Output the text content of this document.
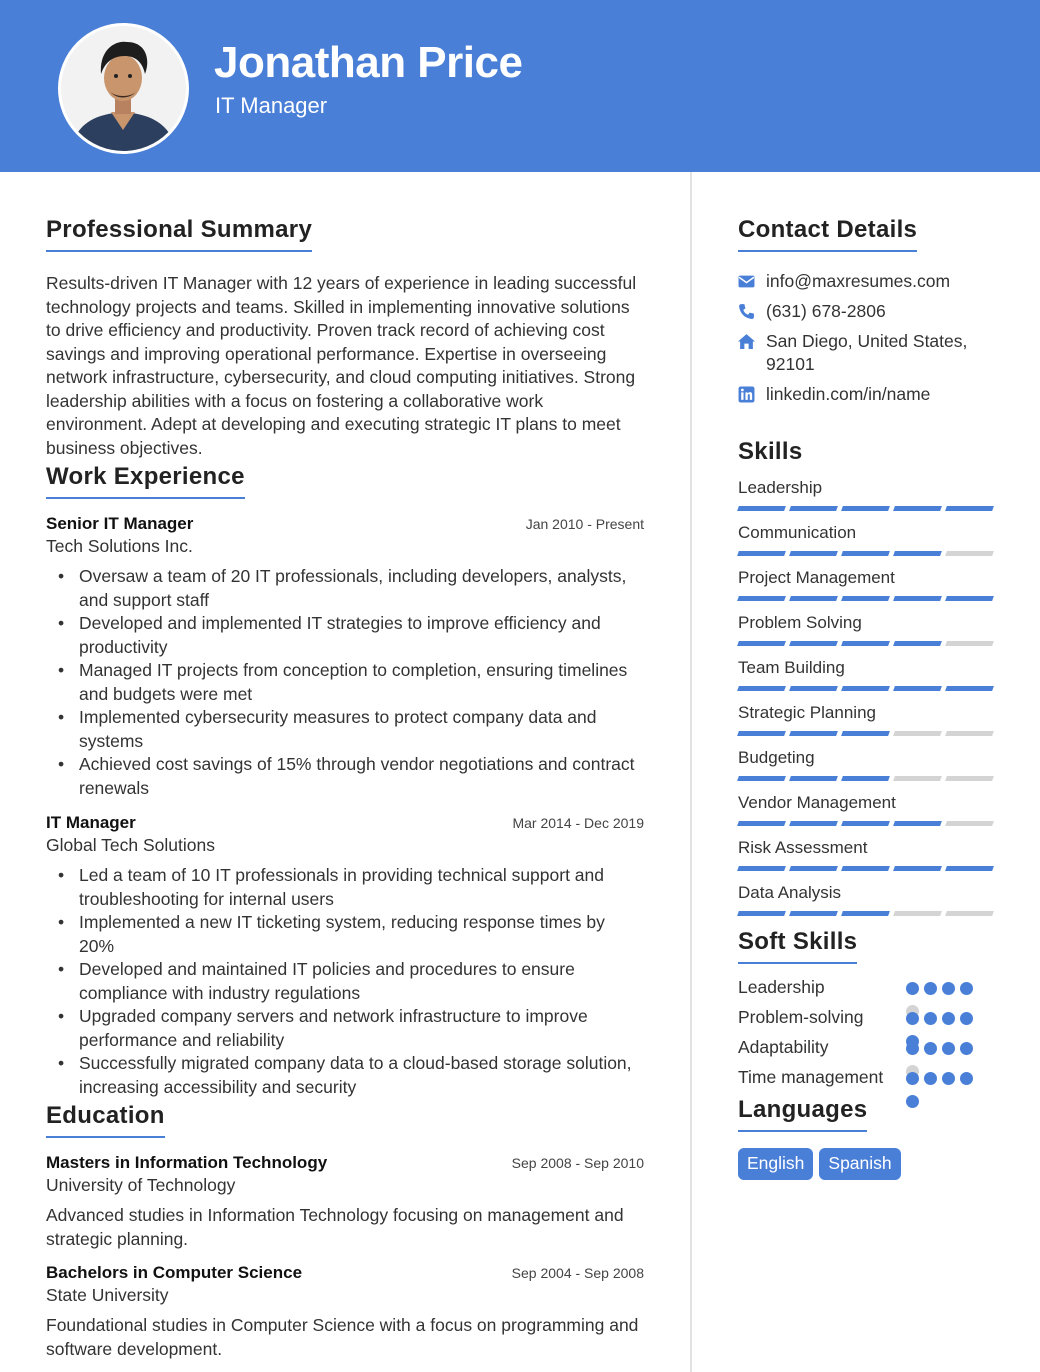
Jonathan Price
IT Manager
Professional Summary

Results-driven IT Manager with 12 years of experience in leading successful technology projects and teams. Skilled in implementing innovative solutions to drive efficiency and productivity. Proven track record of achieving cost savings and improving operational performance. Expertise in overseeing network infrastructure, cybersecurity, and cloud computing initiatives. Strong leadership abilities with a focus on fostering a collaborative work environment. Adept at developing and executing strategic IT plans to meet business objectives.

Work Experience
Senior IT Manager	Jan 2010 - Present
Tech Solutions Inc.
• Oversaw a team of 20 IT professionals, including developers, analysts, and support staff
• Developed and implemented IT strategies to improve efficiency and productivity
• Managed IT projects from conception to completion, ensuring timelines and budgets were met
• Implemented cybersecurity measures to protect company data and systems
• Achieved cost savings of 15% through vendor negotiations and contract renewals
IT Manager	Mar 2014 - Dec 2019
Global Tech Solutions
• Led a team of 10 IT professionals in providing technical support and troubleshooting for internal users
• Implemented a new IT ticketing system, reducing response times by 20%
• Developed and maintained IT policies and procedures to ensure compliance with industry regulations
• Upgraded company servers and network infrastructure to improve performance and reliability
• Successfully migrated company data to a cloud-based storage solution, increasing accessibility and security
Education
Masters in Information Technology	Sep 2008 - Sep 2010
University of Technology

Advanced studies in Information Technology focusing on management and strategic planning.

Bachelors in Computer Science	Sep 2004 - Sep 2008
State University

Foundational studies in Computer Science with a focus on programming and software development.

Contact Details
info@maxresumes.com
(631) 678-2806
San Diego, United States, 92101
linkedin.com/in/name
Skills
Leadership
Communication
Project Management
Problem Solving
Team Building
Strategic Planning
Budgeting
Vendor Management
Risk Assessment
Data Analysis
Soft Skills
Leadership
Problem-solving
Adaptability
Time management
Languages
English	Spanish
